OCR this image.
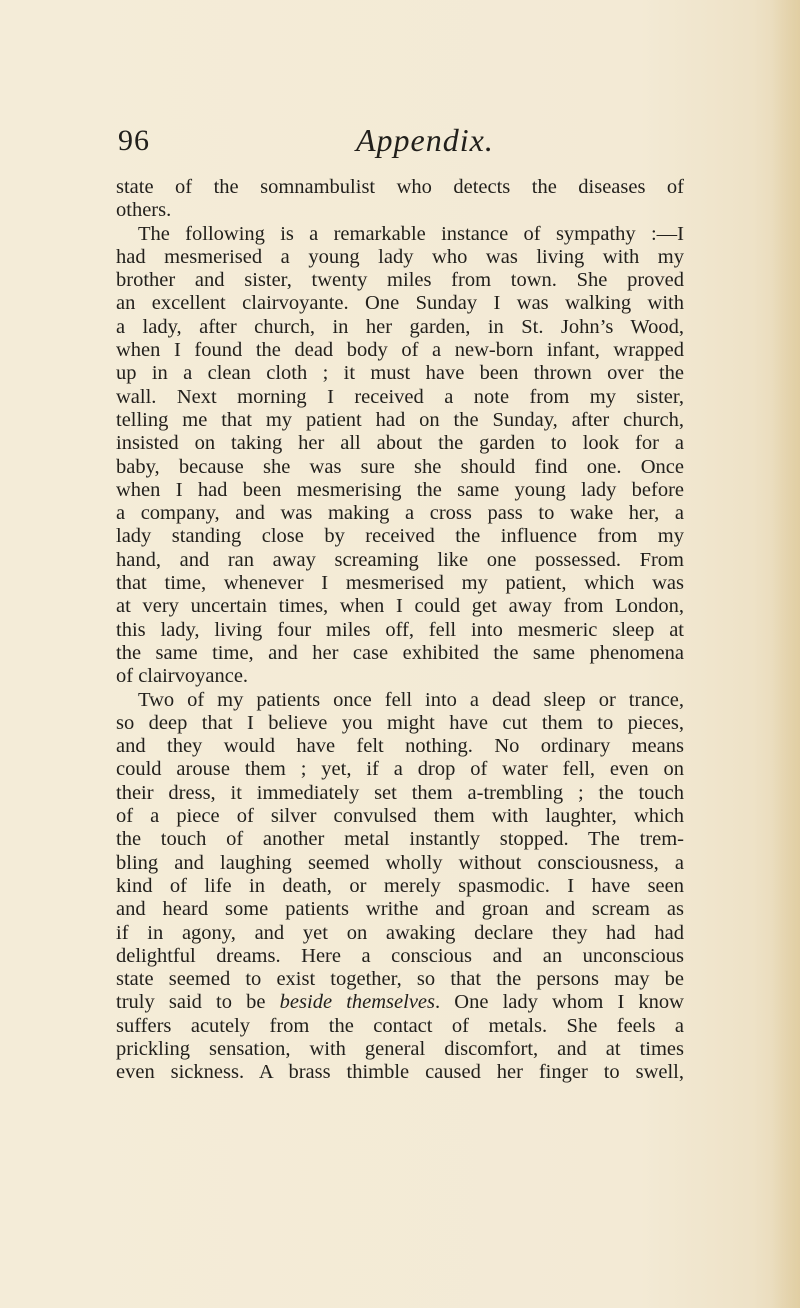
96	Appendix.
state of the somnambulist who detects the diseases of
others.
The following is a remarkable instance of sympathy :—I
had mesmerised a young lady who was living with my
brother and sister, twenty miles from town. She proved
an excellent clairvoyante. One Sunday I was walking with
a lady, after church, in her garden, in St. John’s Wood,
when I found the dead body of a new-born infant, wrapped
up in a clean cloth ; it must have been thrown over the
wall. Next morning I received a note from my sister,
telling me that my patient had on the Sunday, after church,
insisted on taking her all about the garden to look for a
baby, because she was sure she should find one. Once
when I had been mesmerising the same young lady before
a company, and was making a cross pass to wake her, a
lady standing close by received the influence from my
hand, and ran away screaming like one possessed. From
that time, whenever I mesmerised my patient, which was
at very uncertain times, when I could get away from London,
this lady, living four miles off, fell into mesmeric sleep at
the same time, and her case exhibited the same phenomena
of clairvoyance.
Two of my patients once fell into a dead sleep or trance,
so deep that I believe you might have cut them to pieces,
and they would have felt nothing. No ordinary means
could arouse them ; yet, if a drop of water fell, even on
their dress, it immediately set them a-trembling ; the touch
of a piece of silver convulsed them with laughter, which
the touch of another metal instantly stopped. The trem-
bling and laughing seemed wholly without consciousness, a
kind of life in death, or merely spasmodic. I have seen
and heard some patients writhe and groan and scream as
if in agony, and yet on awaking declare they had had
delightful dreams. Here a conscious and an unconscious
state seemed to exist together, so that the persons may be
truly said to be beside themselves. One lady whom I know
suffers acutely from the contact of metals. She feels a
prickling sensation, with general discomfort, and at times
even sickness. A brass thimble caused her finger to swell,
